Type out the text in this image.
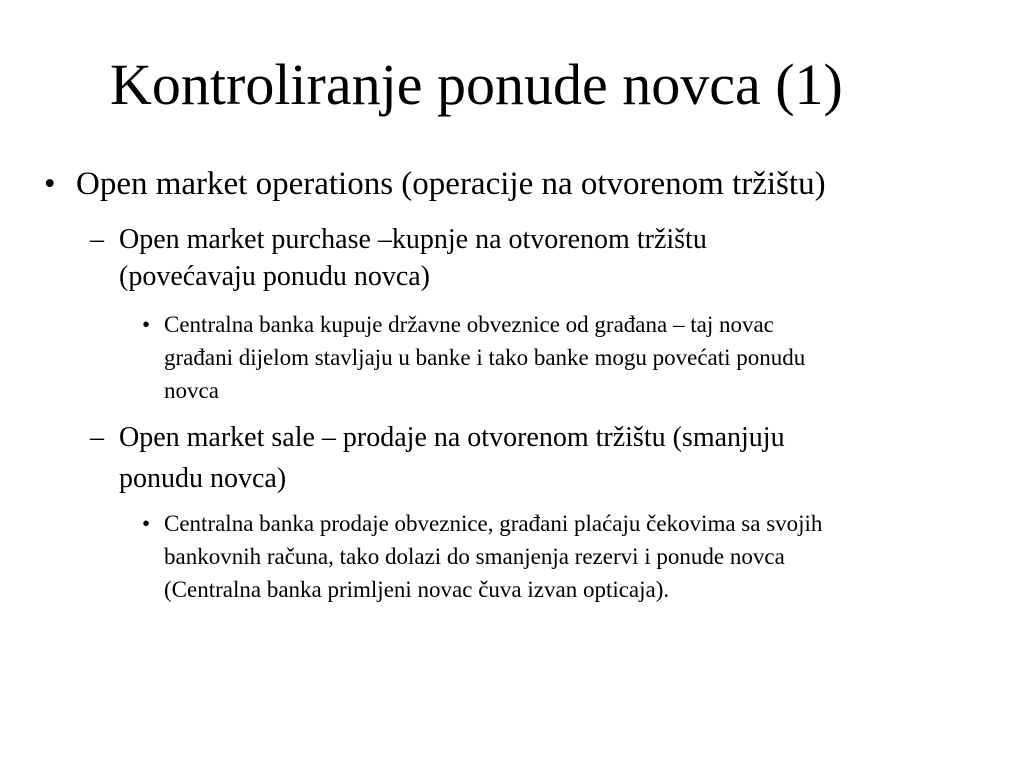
Kontroliranje ponude novca (1)
• Open market operations (operacije na otvorenom tržištu)
– Open market purchase –kupnje na otvorenom tržištu
(povećavaju ponudu novca)
• Centralna banka kupuje državne obveznice od građana – taj novac
građani dijelom stavljaju u banke i tako banke mogu povećati ponudu
novca
– Open market sale – prodaje na otvorenom tržištu (smanjuju
ponudu novca)
• Centralna banka prodaje obveznice, građani plaćaju čekovima sa svojih
bankovnih računa, tako dolazi do smanjenja rezervi i ponude novca
(Centralna banka primljeni novac čuva izvan opticaja).
